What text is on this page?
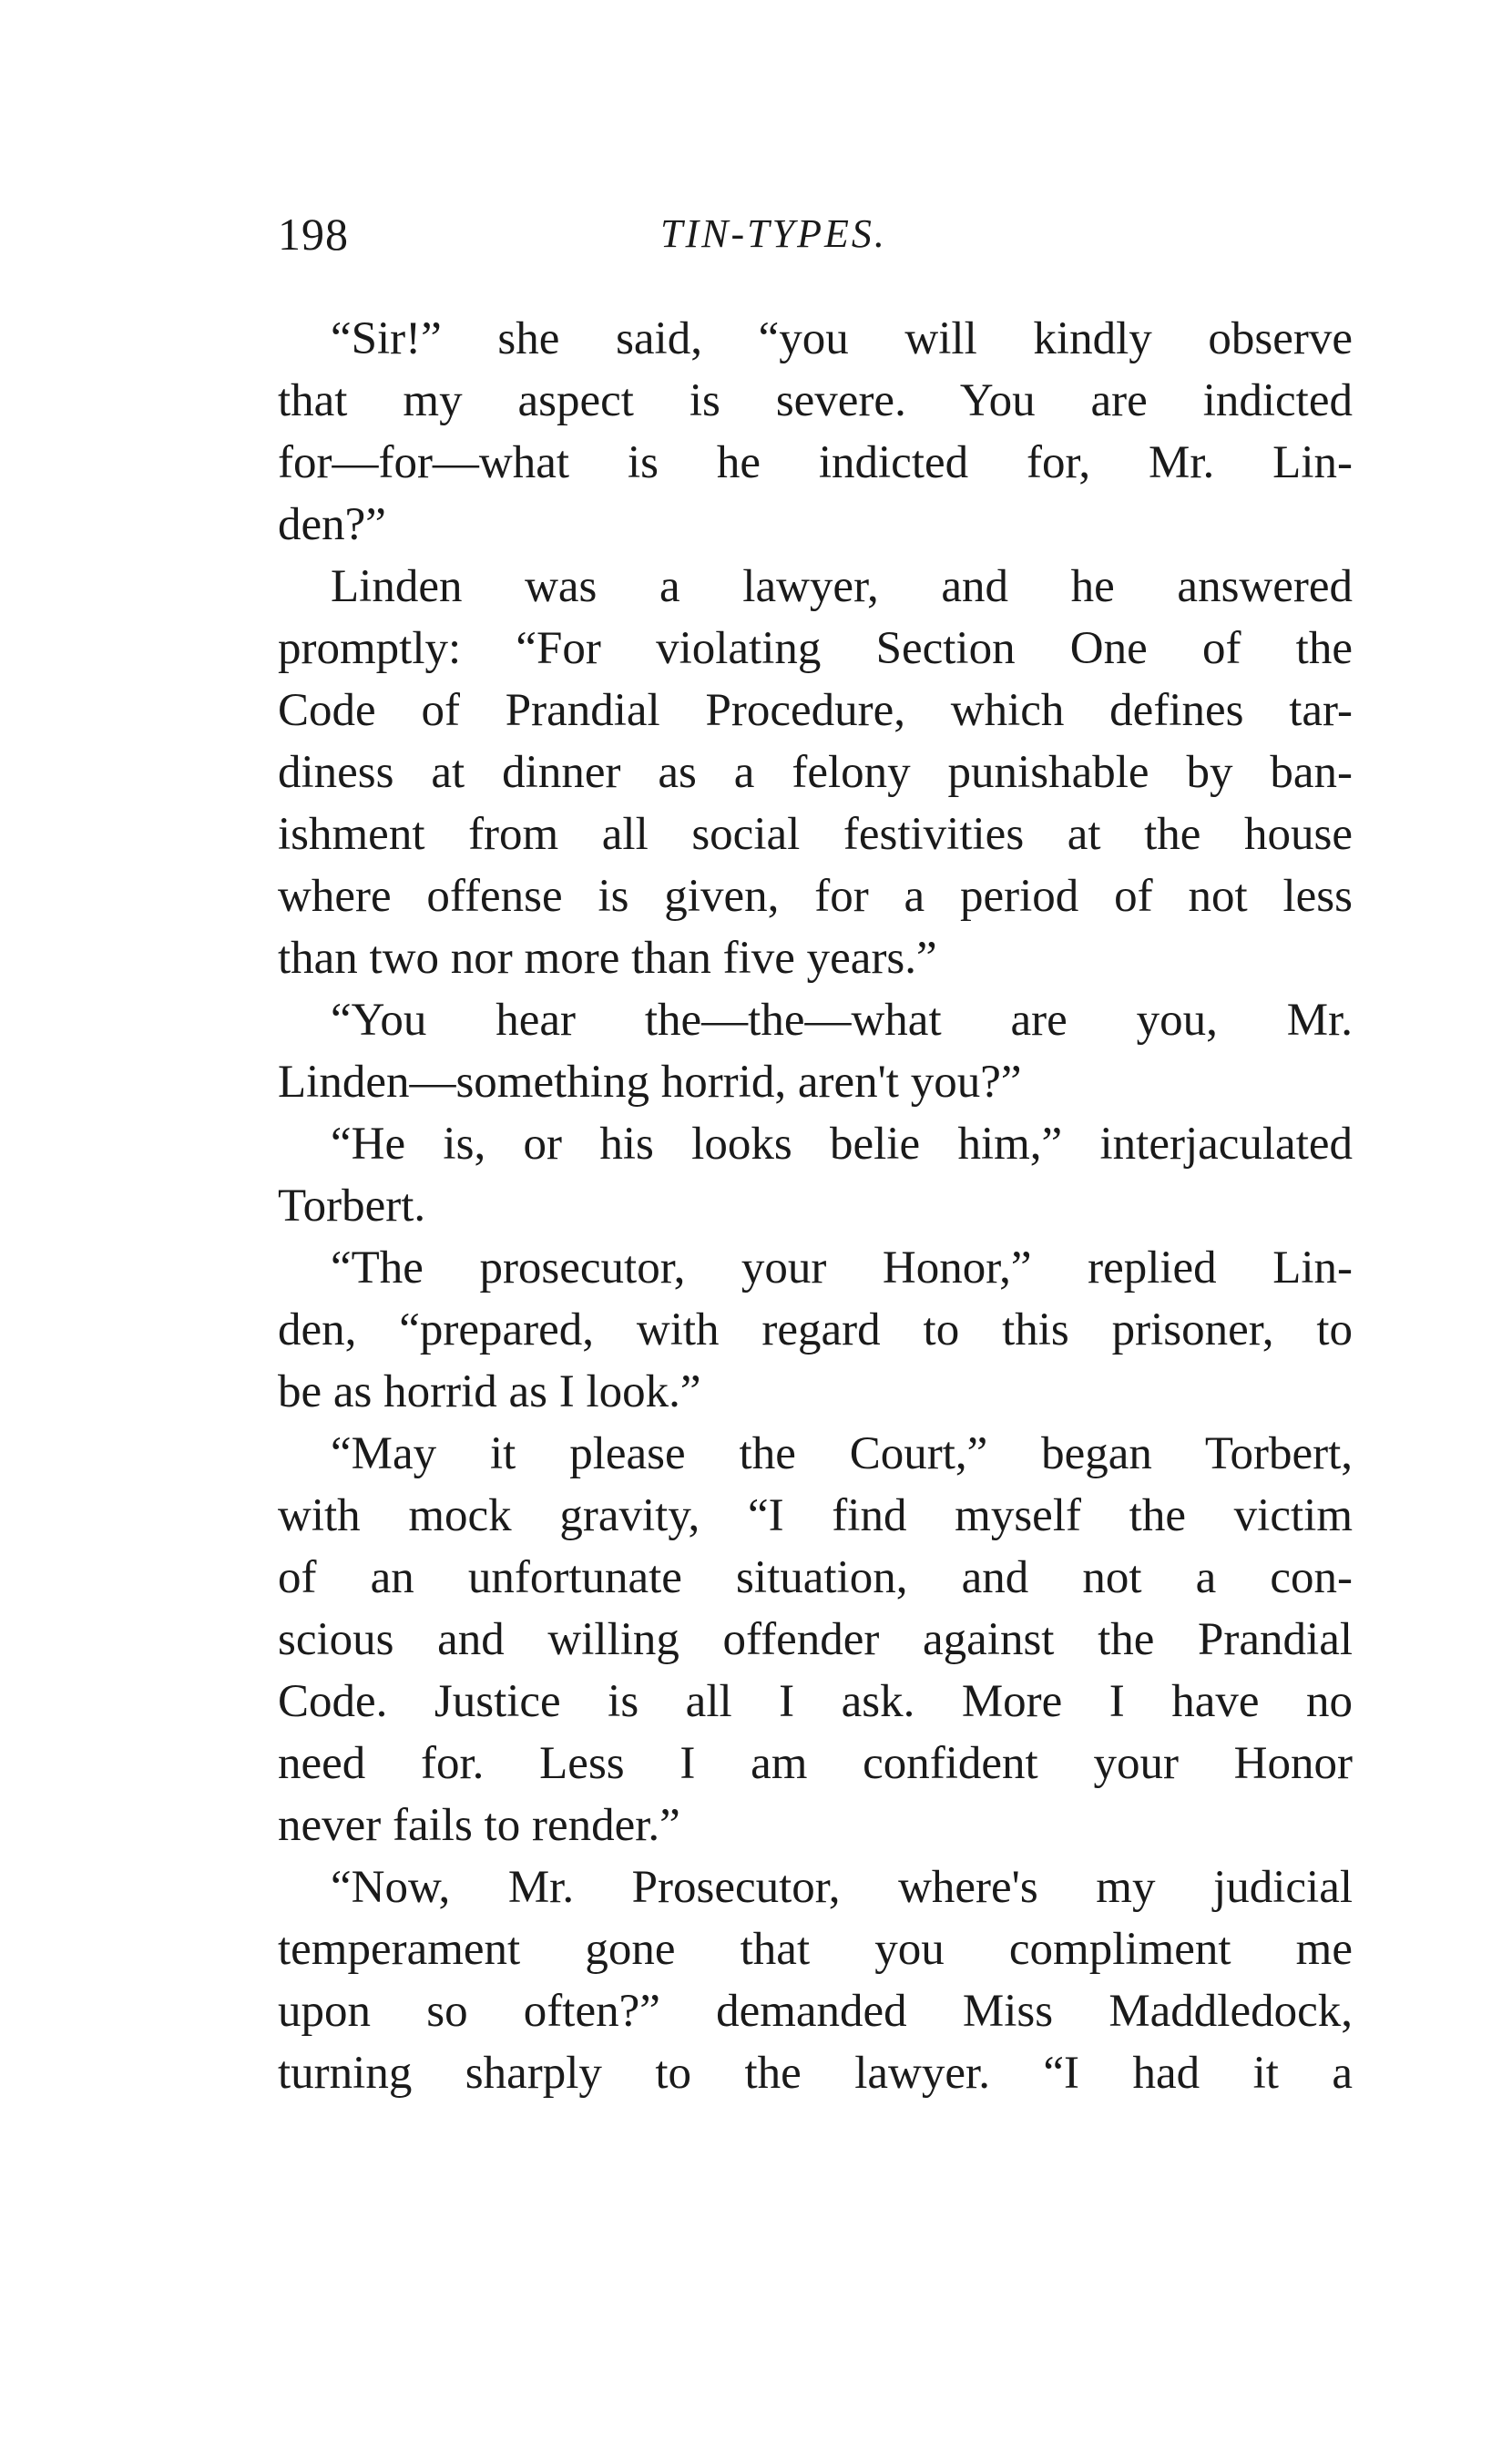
198	TIN-TYPES.
“Sir!” she said, “you will kindly observe
that my aspect is severe. You are indicted
for—for—what is he indicted for, Mr. Lin-
den?”
Linden was a lawyer, and he answered
promptly: “For violating Section One of the
Code of Prandial Procedure, which defines tar-
diness at dinner as a felony punishable by ban-
ishment from all social festivities at the house
where offense is given, for a period of not less
than two nor more than five years.”
“You hear the—the—what are you, Mr.
Linden—something horrid, aren't you?”
“He is, or his looks belie him,” interjaculated
Torbert.
“The prosecutor, your Honor,” replied Lin-
den, “prepared, with regard to this prisoner, to
be as horrid as I look.”
“May it please the Court,” began Torbert,
with mock gravity, “I find myself the victim
of an unfortunate situation, and not a con-
scious and willing offender against the Prandial
Code. Justice is all I ask. More I have no
need for. Less I am confident your Honor
never fails to render.”
“Now, Mr. Prosecutor, where's my judicial
temperament gone that you compliment me
upon so often?” demanded Miss Maddledock,
turning sharply to the lawyer. “I had it a
